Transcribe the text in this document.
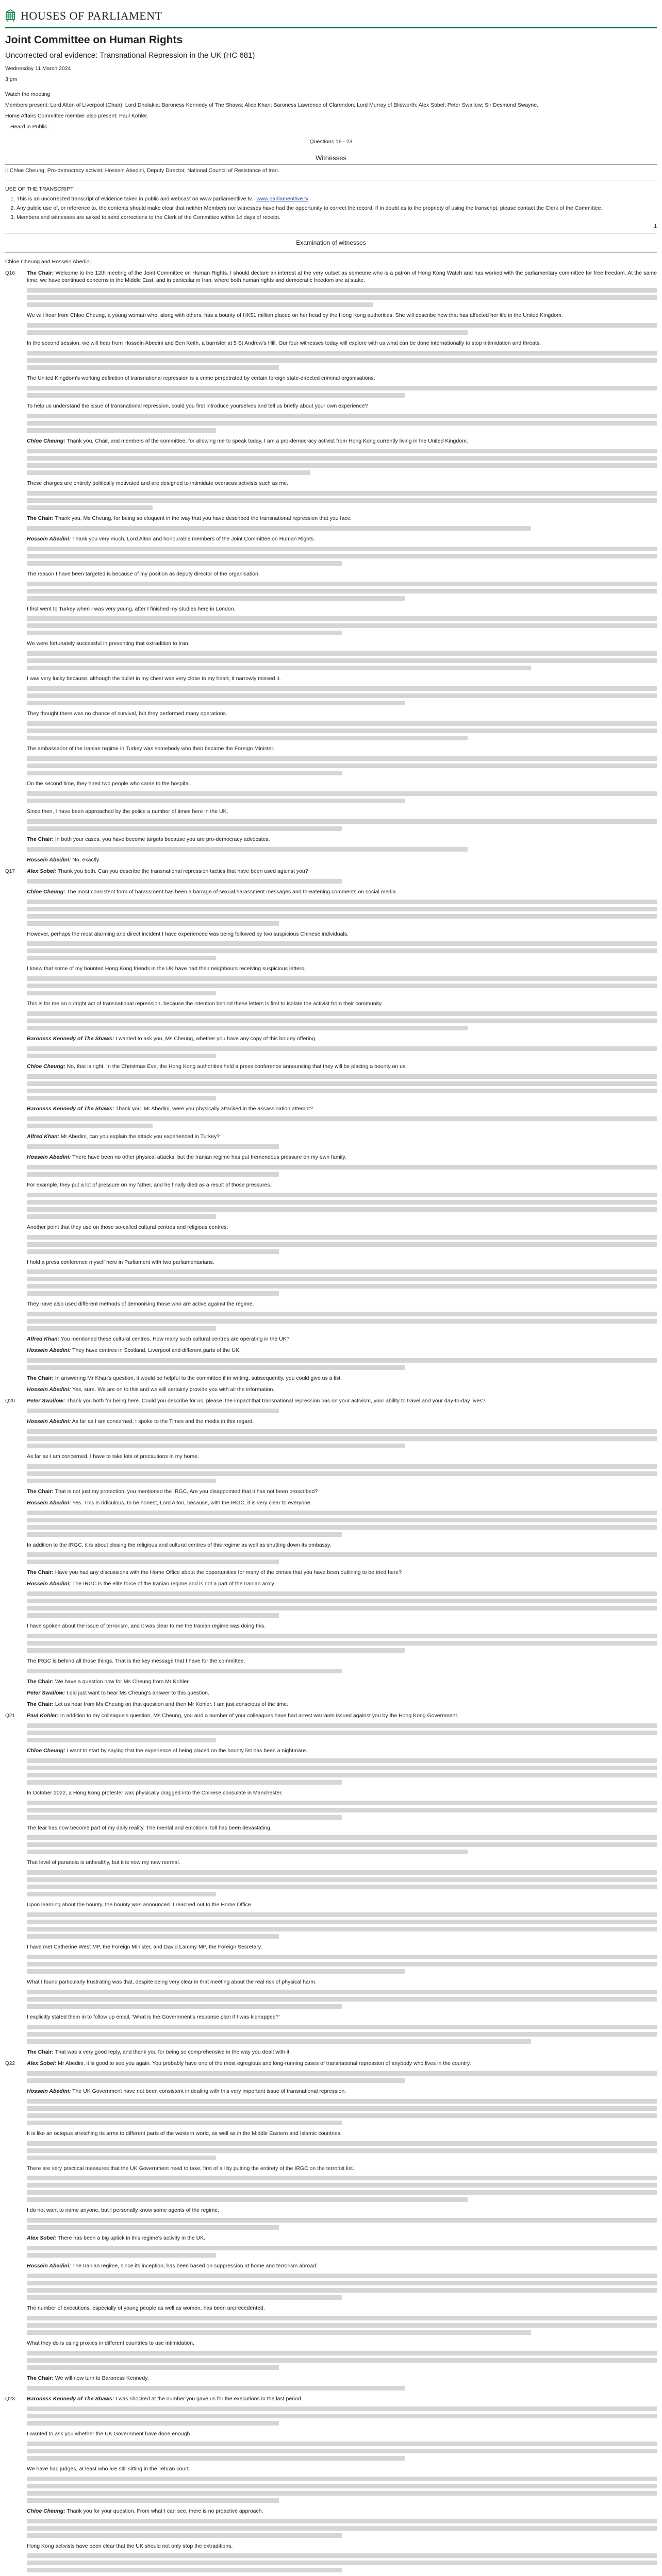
HOUSES OF PARLIAMENT
Joint Committee on Human Rights
Uncorrected oral evidence: Transnational Repression in the UK (HC 681)

Wednesday 11 March 2024

3 pm

Watch the meeting

Members present: Lord Alton of Liverpool (Chair); Lord Dholakia; Baroness Kennedy of The Shaws; Alice Khan; Baroness Lawrence of Clarendon; Lord Murray of Blidworth; Alex Sobel; Peter Swallow; Sir Desmond Swayne.

Home Affairs Committee member also present: Paul Kohler.

Heard in Public.

Questions 16 - 23
Witnesses
I: Chloe Cheung, Pro-democracy activist; Hossein Abedini, Deputy Director, National Council of Resistance of Iran.
USE OF THE TRANSCRIPT
1. This is an uncorrected transcript of evidence taken in public and webcast on www.parliamentlive.tv. www.parliamentlive.tv
2. Any public use of, or reference to, the contents should make clear that neither Members nor witnesses have had the opportunity to correct the record. If in doubt as to the propriety of using the transcript, please contact the Clerk of the Committee.
3. Members and witnesses are asked to send corrections to the Clerk of the Committee within 14 days of receipt.
1
Examination of witnesses

Chloe Cheung and Hossein Abedini.

Q16	The Chair: Welcome to the 12th meeting of the Joint Committee on Human Rights. I should declare an interest at the very outset as someone who is a patron of Hong Kong Watch and has worked with the parliamentary committee for free freedom. At the same time, we have continued concerns in the Middle East, and in particular in Iran, where both human rights and democratic freedom are at stake.

We will hear from Chloe Cheung, a young woman who, along with others, has a bounty of HK$1 million placed on her head by the Hong Kong authorities. She will describe how that has affected her life in the United Kingdom.

In the second session, we will hear from Hossein Abedini and Ben Keith, a barrister at 5 St Andrew's Hill. Our four witnesses today will explore with us what can be done internationally to stop intimidation and threats.

The United Kingdom's working definition of transnational repression is a crime perpetrated by certain foreign state-directed criminal organisations.

To help us understand the issue of transnational repression, could you first introduce yourselves and tell us briefly about your own experience?

Chloe Cheung: Thank you, Chair, and members of the committee, for allowing me to speak today. I am a pro-democracy activist from Hong Kong currently living in the United Kingdom.

These charges are entirely politically motivated and are designed to intimidate overseas activists such as me.

The Chair: Thank you, Ms Cheung, for being so eloquent in the way that you have described the transnational repression that you face.

Hossein Abedini: Thank you very much, Lord Alton and honourable members of the Joint Committee on Human Rights.

The reason I have been targeted is because of my position as deputy director of the organisation.

I first went to Turkey when I was very young, after I finished my studies here in London.

We were fortunately successful in preventing that extradition to Iran.

I was very lucky because, although the bullet in my chest was very close to my heart, it narrowly missed it.

They thought there was no chance of survival, but they performed many operations.

The ambassador of the Iranian regime in Turkey was somebody who then became the Foreign Minister.

On the second time, they hired two people who came to the hospital.

Since then, I have been approached by the police a number of times here in the UK.

The Chair: In both your cases, you have become targets because you are pro-democracy advocates.

Hossein Abedini: No, exactly.

Q17	Alex Sobel: Thank you both. Can you describe the transnational repression tactics that have been used against you?

Chloe Cheung: The most consistent form of harassment has been a barrage of sexual harassment messages and threatening comments on social media.

However, perhaps the most alarming and direct incident I have experienced was being followed by two suspicious Chinese individuals.

I knew that some of my bounted Hong Kong friends in the UK have had their neighbours receiving suspicious letters.

This is for me an outright act of transnational repression, because the intention behind these letters is first to isolate the activist from their community.

Baroness Kennedy of The Shaws: I wanted to ask you, Ms Cheung, whether you have any copy of this bounty offering.

Chloe Cheung: No, that is right. In the Christmas Eve, the Hong Kong authorities held a press conference announcing that they will be placing a bounty on us.

Baroness Kennedy of The Shaws: Thank you. Mr Abedini, were you physically attacked in the assassination attempt?

Alfred Khan: Mr Abedini, can you explain the attack you experienced in Turkey?

Hossein Abedini: There have been no other physical attacks, but the Iranian regime has put tremendous pressure on my own family.

For example, they put a lot of pressure on my father, and he finally died as a result of those pressures.

Another point that they use on those so-called cultural centres and religious centres.

I hold a press conference myself here in Parliament with two parliamentarians.

They have also used different methods of demonising those who are active against the regime.

Alfred Khan: You mentioned these cultural centres. How many such cultural centres are operating in the UK?

Hossein Abedini: They have centres in Scotland, Liverpool and different parts of the UK.

The Chair: In answering Mr Khan's question, it would be helpful to the committee if in writing, subsequently, you could give us a list.

Hossein Abedini: Yes, sure. We are on to this and we will certainly provide you with all the information.

Q20	Peter Swallow: Thank you both for being here. Could you describe for us, please, the impact that transnational repression has on your activism, your ability to travel and your day-to-day lives?

Hossein Abedini: As far as I am concerned, I spoke to the Times and the media in this regard.

As far as I am concerned, I have to take lots of precautions in my home.

The Chair: That is not just my protection, you mentioned the IRGC. Are you disappointed that it has not been proscribed?

Hossein Abedini: Yes. This is ridiculous, to be honest, Lord Alton, because, with the IRGC, it is very clear to everyone.

In addition to the IRGC, it is about closing the religious and cultural centres of this regime as well as shutting down its embassy.

The Chair: Have you had any discussions with the Home Office about the opportunities for many of the crimes that you have been outlining to be tried here?

Hossein Abedini: The IRGC is the elite force of the Iranian regime and is not a part of the Iranian army.

I have spoken about the issue of terrorism, and it was clear to me the Iranian regime was doing this.

The IRGC is behind all those things. That is the key message that I have for the committee.

The Chair: We have a question now for Ms Cheung from Mr Kohler.

Peter Swallow: I did just want to hear Ms Cheung's answer to this question.

The Chair: Let us hear from Ms Cheung on that question and then Mr Kohler. I am just conscious of the time.

Q21	Paul Kohler: In addition to my colleague's question, Ms Cheung, you and a number of your colleagues have had arrest warrants issued against you by the Hong Kong Government.

Chloe Cheung: I want to start by saying that the experience of being placed on the bounty list has been a nightmare.

In October 2022, a Hong Kong protester was physically dragged into the Chinese consulate in Manchester.

The fear has now become part of my daily reality. The mental and emotional toll has been devastating.

That level of paranoia is unhealthy, but it is now my new normal.

Upon learning about the bounty, the bounty was announced. I reached out to the Home Office.

I have met Catherine West MP, the Foreign Minister, and David Lammy MP, the Foreign Secretary.

What I found particularly frustrating was that, despite being very clear in that meeting about the real risk of physical harm.

I explicitly stated them in to follow up email, 'What is the Government's response plan if I was kidnapped?'

The Chair: That was a very good reply, and thank you for being so comprehensive in the way you dealt with it.

Q22	Alex Sobel: Mr Abedini, it is good to see you again. You probably have one of the most egregious and long-running cases of transnational repression of anybody who lives in the country.

Hossein Abedini: The UK Government have not been consistent in dealing with this very important issue of transnational repression.

It is like an octopus stretching its arms to different parts of the western world, as well as in the Middle Eastern and Islamic countries.

There are very practical measures that the UK Government need to take, first of all by putting the entirety of the IRGC on the terrorist list.

I do not want to name anyone, but I personally know some agents of the regime.

Alex Sobel: There has been a big uptick in this regime's activity in the UK.

Hossein Abedini: The Iranian regime, since its inception, has been based on suppression at home and terrorism abroad.

The number of executions, especially of young people as well as women, has been unprecedented.

What they do is using proxies in different countries to use intimidation.

The Chair: We will now turn to Baroness Kennedy.

Q23	Baroness Kennedy of The Shaws: I was shocked at the number you gave us for the executions in the last period.

I wanted to ask you whether the UK Government have done enough.

We have had judges, at least who are still sitting in the Tehran court.

Chloe Cheung: Thank you for your question. From what I can see, there is no proactive approach.

Hong Kong activists have been clear that the UK should not only stop the extraditions.
